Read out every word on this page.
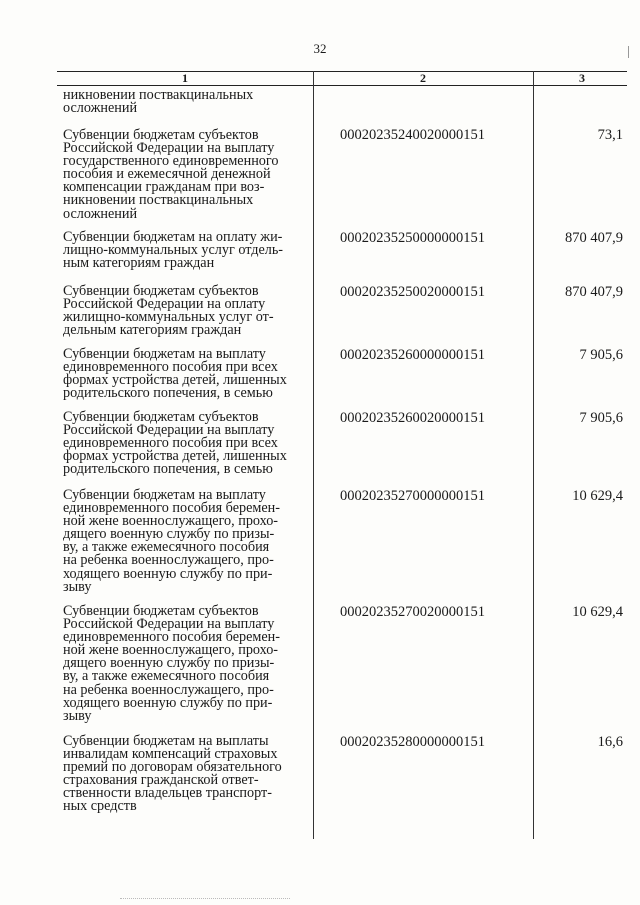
32
1	2	3
никновении поствакцинальных
осложнений
Субвенции бюджетам субъектов
Российской Федерации на выплату
государственного единовременного
пособия и ежемесячной денежной
компенсации гражданам при воз-
никновении поствакцинальных
осложнений
00020235240020000151	73,1
Субвенции бюджетам на оплату жи-
лищно-коммунальных услуг отдель-
ным категориям граждан
00020235250000000151	870 407,9
Субвенции бюджетам субъектов
Российской Федерации на оплату
жилищно-коммунальных услуг от-
дельным категориям граждан
00020235250020000151	870 407,9
Субвенции бюджетам на выплату
единовременного пособия при всех
формах устройства детей, лишенных
родительского попечения, в семью
00020235260000000151	7 905,6
Субвенции бюджетам субъектов
Российской Федерации на выплату
единовременного пособия при всех
формах устройства детей, лишенных
родительского попечения, в семью
00020235260020000151	7 905,6
Субвенции бюджетам на выплату
единовременного пособия беремен-
ной жене военнослужащего, прохо-
дящего военную службу по призы-
ву, а также ежемесячного пособия
на ребенка военнослужащего, про-
ходящего военную службу по при-
зыву
00020235270000000151	10 629,4
Субвенции бюджетам субъектов
Российской Федерации на выплату
единовременного пособия беремен-
ной жене военнослужащего, прохо-
дящего военную службу по призы-
ву, а также ежемесячного пособия
на ребенка военнослужащего, про-
ходящего военную службу по при-
зыву
00020235270020000151	10 629,4
Субвенции бюджетам на выплаты
инвалидам компенсаций страховых
премий по договорам обязательного
страхования гражданской ответ-
ственности владельцев транспорт-
ных средств
00020235280000000151	16,6
